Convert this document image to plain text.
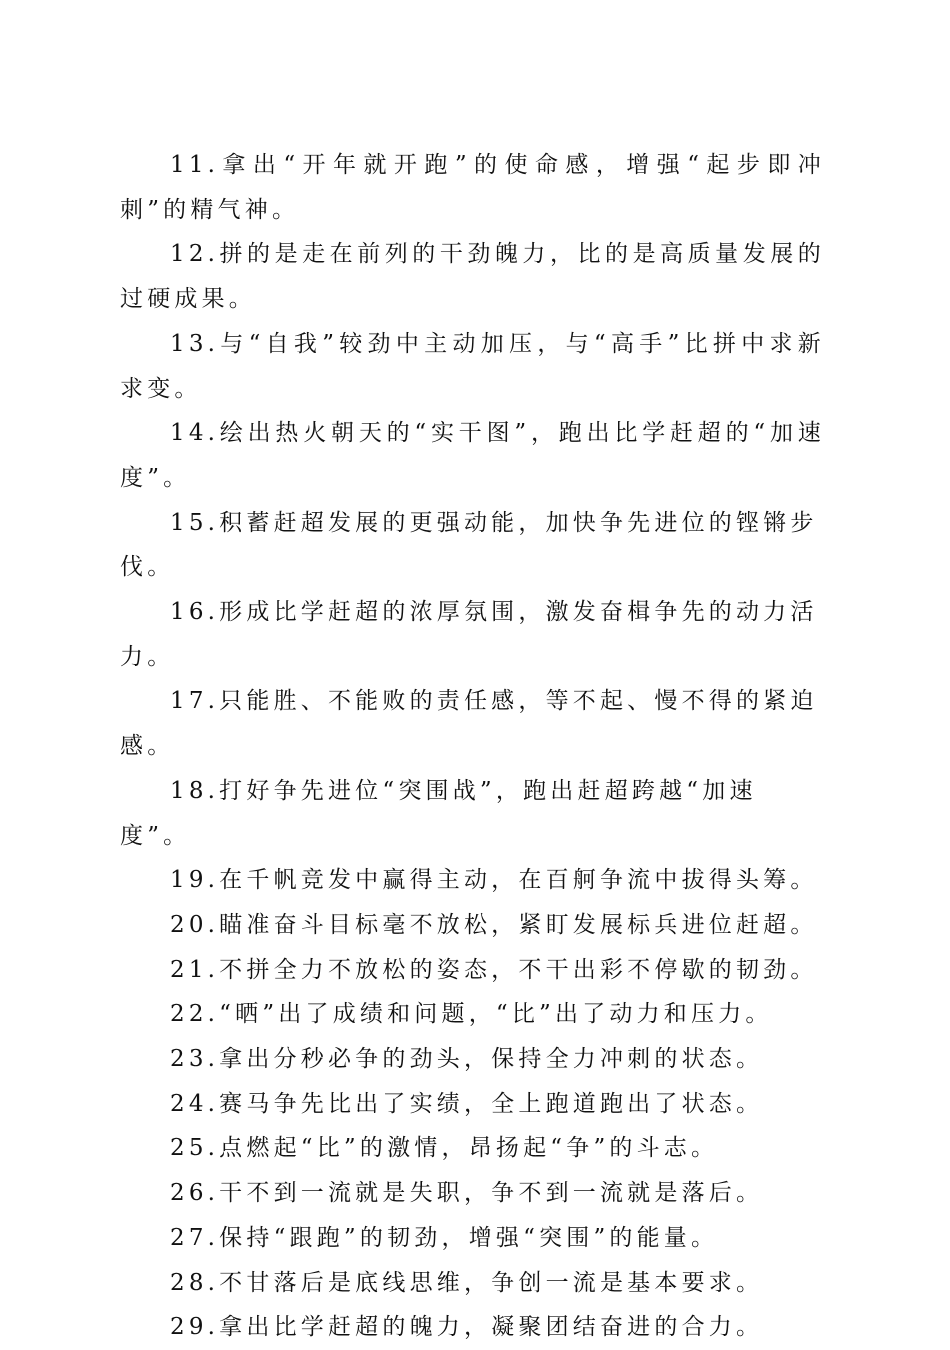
11.拿出“开年就开跑”的使命感，增强“起步即冲刺”的精气神。

12.拼的是走在前列的干劲魄力，比的是高质量发展的过硬成果。

13.与“自我”较劲中主动加压，与“高手”比拼中求新求变。

14.绘出热火朝天的“实干图”，跑出比学赶超的“加速度”。

15.积蓄赶超发展的更强动能，加快争先进位的铿锵步伐。

16.形成比学赶超的浓厚氛围，激发奋楫争先的动力活力。

17.只能胜、不能败的责任感，等不起、慢不得的紧迫感。

18.打好争先进位“突围战”，跑出赶超跨越“加速度”。

19.在千帆竞发中赢得主动，在百舸争流中拔得头筹。

20.瞄准奋斗目标毫不放松，紧盯发展标兵进位赶超。

21.不拼全力不放松的姿态，不干出彩不停歇的韧劲。

22.“晒”出了成绩和问题，“比”出了动力和压力。

23.拿出分秒必争的劲头，保持全力冲刺的状态。

24.赛马争先比出了实绩，全上跑道跑出了状态。

25.点燃起“比”的激情，昂扬起“争”的斗志。

26.干不到一流就是失职，争不到一流就是落后。

27.保持“跟跑”的韧劲，增强“突围”的能量。

28.不甘落后是底线思维，争创一流是基本要求。

29.拿出比学赶超的魄力，凝聚团结奋进的合力。
